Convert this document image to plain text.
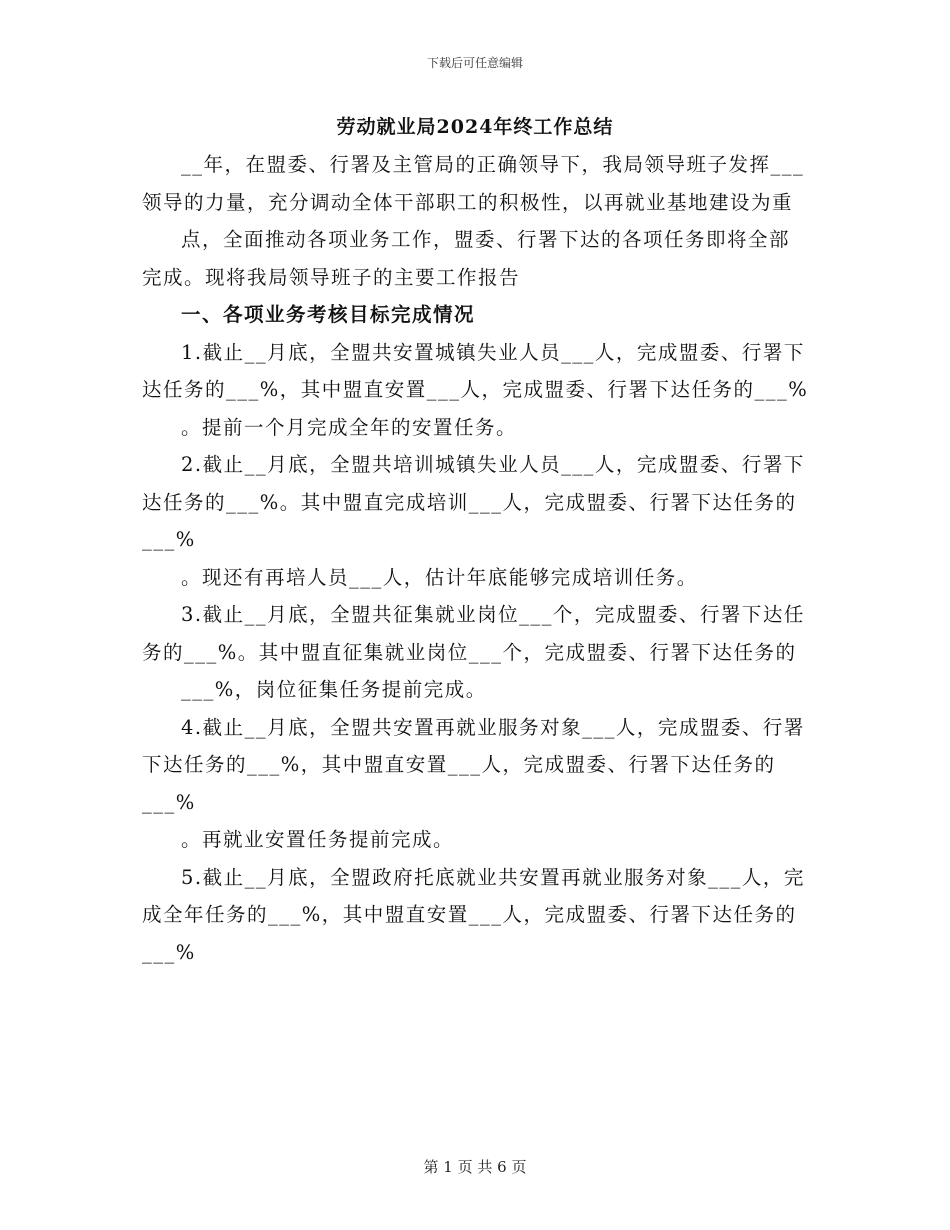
下载后可任意编辑
劳动就业局2024年终工作总结

__年，在盟委、行署及主管局的正确领导下，我局领导班子发挥___领导的力量，充分调动全体干部职工的积极性，以再就业基地建设为重

点，全面推动各项业务工作，盟委、行署下达的各项任务即将全部完成。现将我局领导班子的主要工作报告

一、各项业务考核目标完成情况

1.截止__月底，全盟共安置城镇失业人员___人，完成盟委、行署下达任务的___%，其中盟直安置___人，完成盟委、行署下达任务的___%

。提前一个月完成全年的安置任务。

2.截止__月底，全盟共培训城镇失业人员___人，完成盟委、行署下达任务的___%。其中盟直完成培训___人，完成盟委、行署下达任务的___%

。现还有再培人员___人，估计年底能够完成培训任务。

3.截止__月底，全盟共征集就业岗位___个，完成盟委、行署下达任务的___%。其中盟直征集就业岗位___个，完成盟委、行署下达任务的

___%，岗位征集任务提前完成。

4.截止__月底，全盟共安置再就业服务对象___人，完成盟委、行署下达任务的___%，其中盟直安置___人，完成盟委、行署下达任务的___%

。再就业安置任务提前完成。

5.截止__月底，全盟政府托底就业共安置再就业服务对象___人，完成全年任务的___%，其中盟直安置___人，完成盟委、行署下达任务的___%

第 1 页 共 6 页
